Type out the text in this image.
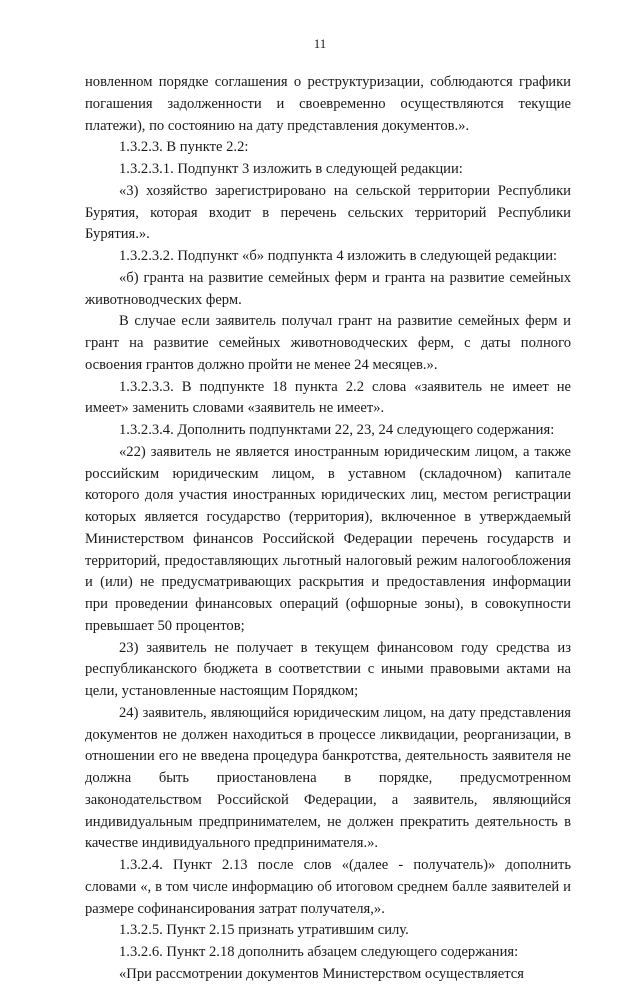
11

новленном порядке соглашения о реструктуризации, соблюдаются графики погашения задолженности и своевременно осуществляются текущие платежи), по состоянию на дату представления документов.».

1.3.2.3. В пункте 2.2:

1.3.2.3.1. Подпункт 3 изложить в следующей редакции:

«3) хозяйство зарегистрировано на сельской территории Республики Бурятия, которая входит в перечень сельских территорий Республики Бурятия.».

1.3.2.3.2. Подпункт «б» подпункта 4 изложить в следующей редакции:

«б) гранта на развитие семейных ферм и гранта на развитие семейных животноводческих ферм.

В случае если заявитель получал грант на развитие семейных ферм и грант на развитие семейных животноводческих ферм, с даты полного освоения грантов должно пройти не менее 24 месяцев.».

1.3.2.3.3. В подпункте 18 пункта 2.2 слова «заявитель не имеет не имеет» заменить словами «заявитель не имеет».

1.3.2.3.4. Дополнить подпунктами 22, 23, 24 следующего содержания:

«22) заявитель не является иностранным юридическим лицом, а также российским юридическим лицом, в уставном (складочном) капитале которого доля участия иностранных юридических лиц, местом регистрации которых является государство (территория), включенное в утверждаемый Министерством финансов Российской Федерации перечень государств и территорий, предоставляющих льготный налоговый режим налогообложения и (или) не предусматривающих раскрытия и предоставления информации при проведении финансовых операций (офшорные зоны), в совокупности превышает 50 процентов;

23) заявитель не получает в текущем финансовом году средства из республиканского бюджета в соответствии с иными правовыми актами на цели, установленные настоящим Порядком;

24) заявитель, являющийся юридическим лицом, на дату представления документов не должен находиться в процессе ликвидации, реорганизации, в отношении его не введена процедура банкротства, деятельность заявителя не должна быть приостановлена в порядке, предусмотренном законодательством Российской Федерации, а заявитель, являющийся индивидуальным предпринимателем, не должен прекратить деятельность в качестве индивидуального предпринимателя.».

1.3.2.4. Пункт 2.13 после слов «(далее - получатель)» дополнить словами «, в том числе информацию об итоговом среднем балле заявителей и размере софинансирования затрат получателя,».

1.3.2.5. Пункт 2.15 признать утратившим силу.

1.3.2.6. Пункт 2.18 дополнить абзацем следующего содержания:

«При рассмотрении документов Министерством осуществляется
